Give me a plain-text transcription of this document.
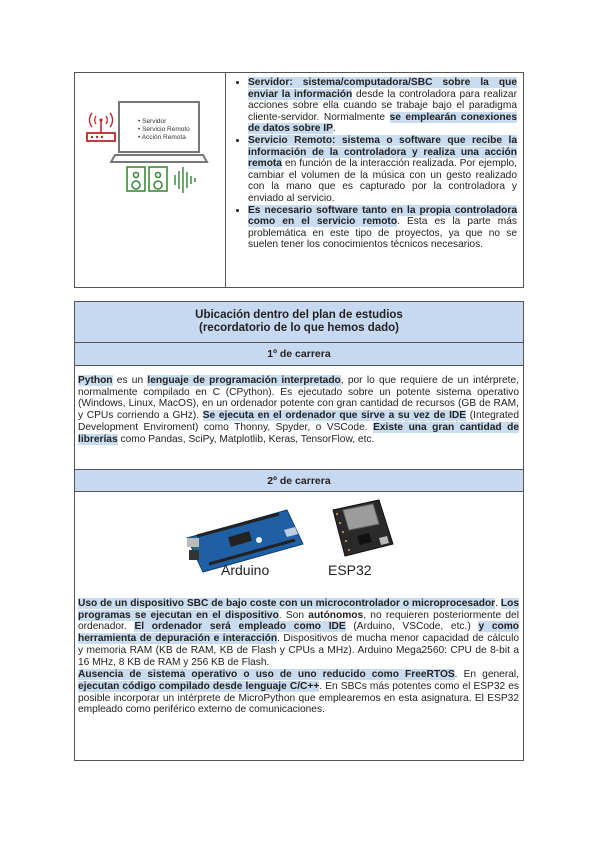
• Servidor
• Servicio Remoto
• Acción Remota
• Servidor: sistema/computadora/SBC sobre la que enviar la información desde la controladora para realizar acciones sobre ella cuando se trabaje bajo el paradigma cliente-servidor. Normalmente se emplearán conexiones de datos sobre IP.
• Servicio Remoto: sistema o software que recibe la información de la controladora y realiza una acción remota en función de la interacción realizada. Por ejemplo, cambiar el volumen de la música con un gesto realizado con la mano que es capturado por la controladora y enviado al servicio.
• Es necesario software tanto en la propia controladora como en el servicio remoto. Esta es la parte más problemática en este tipo de proyectos, ya que no se suelen tener los conocimientos técnicos necesarios.
Ubicación dentro del plan de estudios
(recordatorio de lo que hemos dado)
1º de carrera
Python es un lenguaje de programación interpretado, por lo que requiere de un intérprete, normalmente compilado en C (CPython). Es ejecutado sobre un potente sistema operativo (Windows, Linux, MacOS), en un ordenador potente con gran cantidad de recursos (GB de RAM, y CPUs corriendo a GHz). Se ejecuta en el ordenador que sirve a su vez de IDE (Integrated Development Enviroment) como Thonny, Spyder, o VSCode. Existe una gran cantidad de librerías como Pandas, SciPy, Matplotlib, Keras, TensorFlow, etc.
2º de carrera
Arduino	ESP32
Uso de un dispositivo SBC de bajo coste con un microcontrolador o microprocesador. Los programas se ejecutan en el dispositivo. Son autónomos, no requieren posteriormente del ordenador. El ordenador será empleado como IDE (Arduino, VSCode, etc.) y como herramienta de depuración e interacción. Dispositivos de mucha menor capacidad de cálculo y memoria RAM (KB de RAM, KB de Flash y CPUs a MHz). Arduino Mega2560: CPU de 8-bit a 16 MHz, 8 KB de RAM y 256 KB de Flash.
Ausencia de sistema operativo o uso de uno reducido como FreeRTOS. En general, ejecutan código compilado desde lenguaje C/C++. En SBCs más potentes como el ESP32 es posible incorporar un intérprete de MicroPython que emplearemos en esta asignatura. El ESP32 empleado como periférico externo de comunicaciones.
